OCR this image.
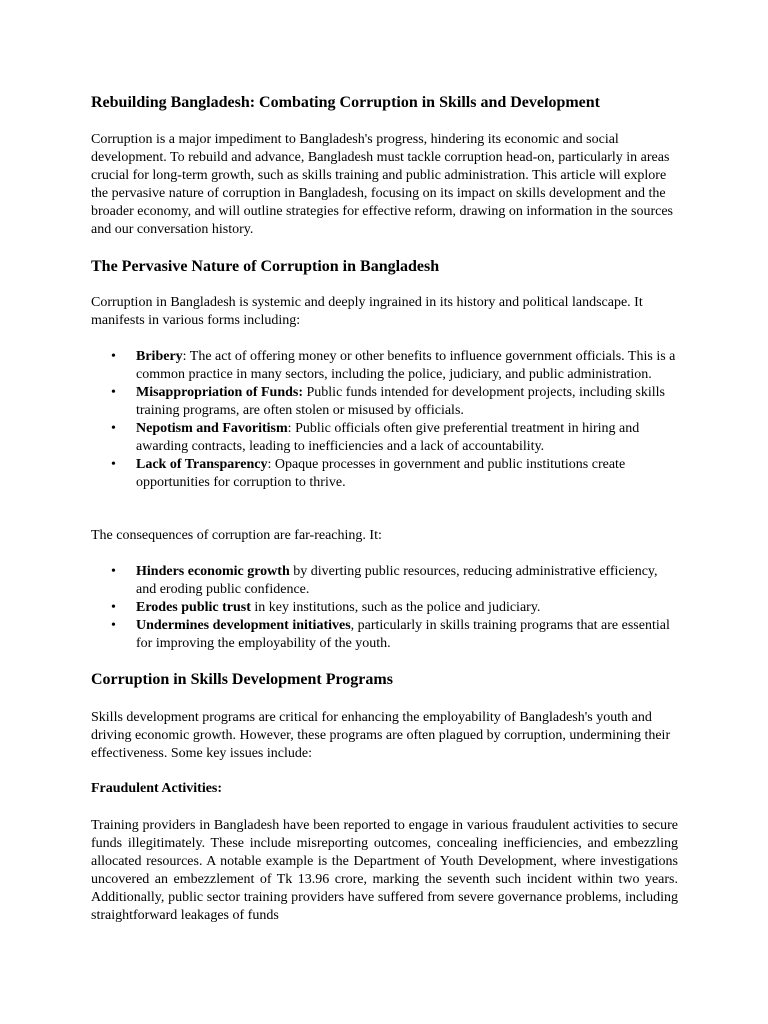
Rebuilding Bangladesh: Combating Corruption in Skills and Development

Corruption is a major impediment to Bangladesh's progress, hindering its economic and social development. To rebuild and advance, Bangladesh must tackle corruption head-on, particularly in areas crucial for long-term growth, such as skills training and public administration. This article will explore the pervasive nature of corruption in Bangladesh, focusing on its impact on skills development and the broader economy, and will outline strategies for effective reform, drawing on information in the sources and our conversation history.

The Pervasive Nature of Corruption in Bangladesh

Corruption in Bangladesh is systemic and deeply ingrained in its history and political landscape. It manifests in various forms including:

• Bribery: The act of offering money or other benefits to influence government officials. This is a common practice in many sectors, including the police, judiciary, and public administration.
• Misappropriation of Funds: Public funds intended for development projects, including skills training programs, are often stolen or misused by officials.
• Nepotism and Favoritism: Public officials often give preferential treatment in hiring and awarding contracts, leading to inefficiencies and a lack of accountability.
• Lack of Transparency: Opaque processes in government and public institutions create opportunities for corruption to thrive.

The consequences of corruption are far-reaching. It:

• Hinders economic growth by diverting public resources, reducing administrative efficiency, and eroding public confidence.
• Erodes public trust in key institutions, such as the police and judiciary.
• Undermines development initiatives, particularly in skills training programs that are essential for improving the employability of the youth.
Corruption in Skills Development Programs

Skills development programs are critical for enhancing the employability of Bangladesh's youth and driving economic growth. However, these programs are often plagued by corruption, undermining their effectiveness. Some key issues include:

Fraudulent Activities:

Training providers in Bangladesh have been reported to engage in various fraudulent activities to secure funds illegitimately. These include misreporting outcomes, concealing inefficiencies, and embezzling allocated resources. A notable example is the Department of Youth Development, where investigations uncovered an embezzlement of Tk 13.96 crore, marking the seventh such incident within two years. Additionally, public sector training providers have suffered from severe governance problems, including straightforward leakages of funds
